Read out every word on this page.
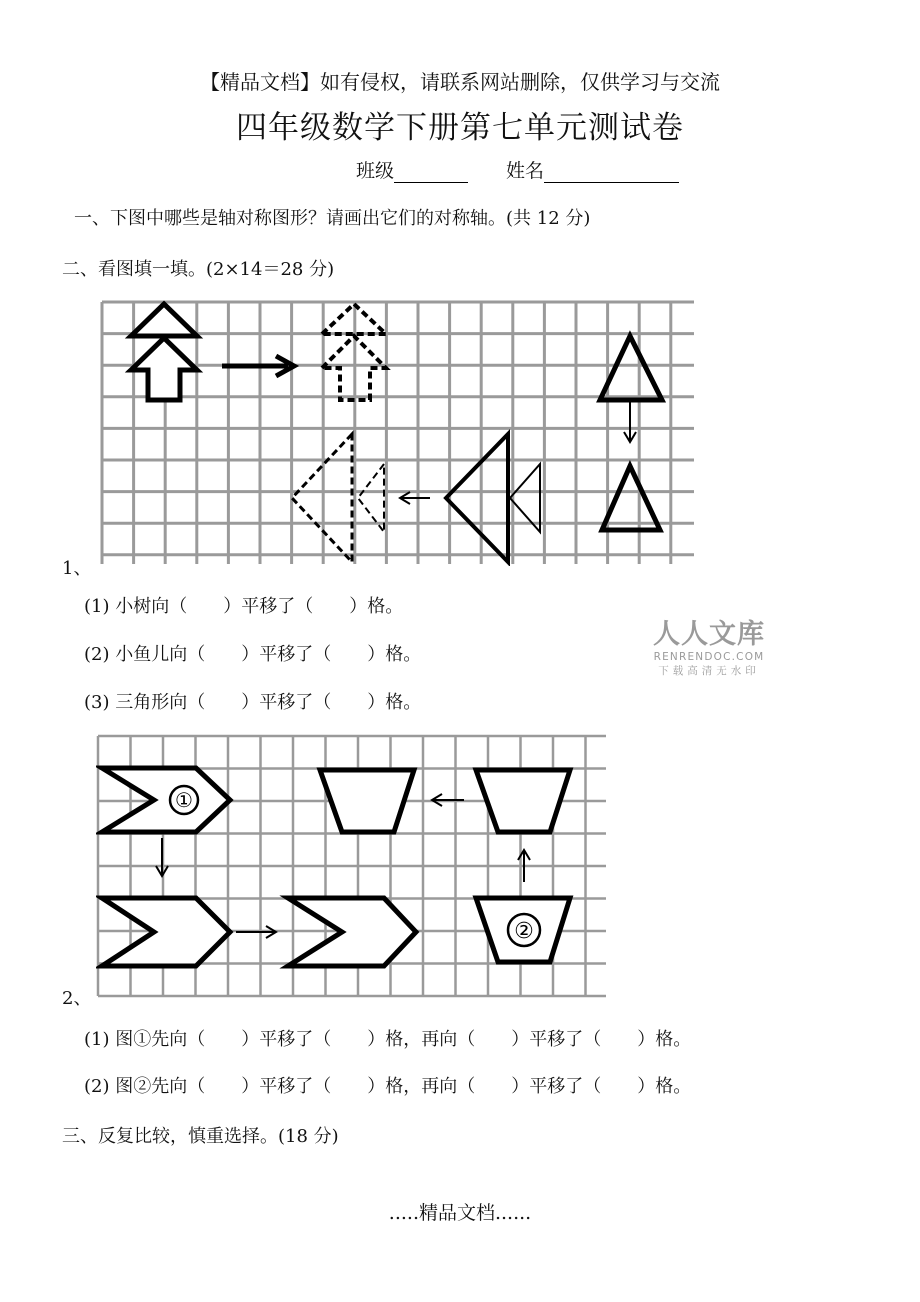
【精品文档】如有侵权，请联系网站删除，仅供学习与交流
四年级数学下册第七单元测试卷
班级	姓名
一、下图中哪些是轴对称图形？请画出它们的对称轴。(共 12 分)
二、看图填一填。(2×14＝28 分)
1、
(1) 小树向（　　）平移了（　　）格。
(2) 小鱼儿向（　　）平移了（　　）格。
(3) 三角形向（　　）平移了（　　）格。
人人文库
RENRENDOC.COM
下载高清无水印
①
②
2、
(1) 图①先向（　　）平移了（　　）格，再向（　　）平移了（　　）格。
(2) 图②先向（　　）平移了（　　）格，再向（　　）平移了（　　）格。
三、反复比较，慎重选择。(18 分)
.....精品文档......
